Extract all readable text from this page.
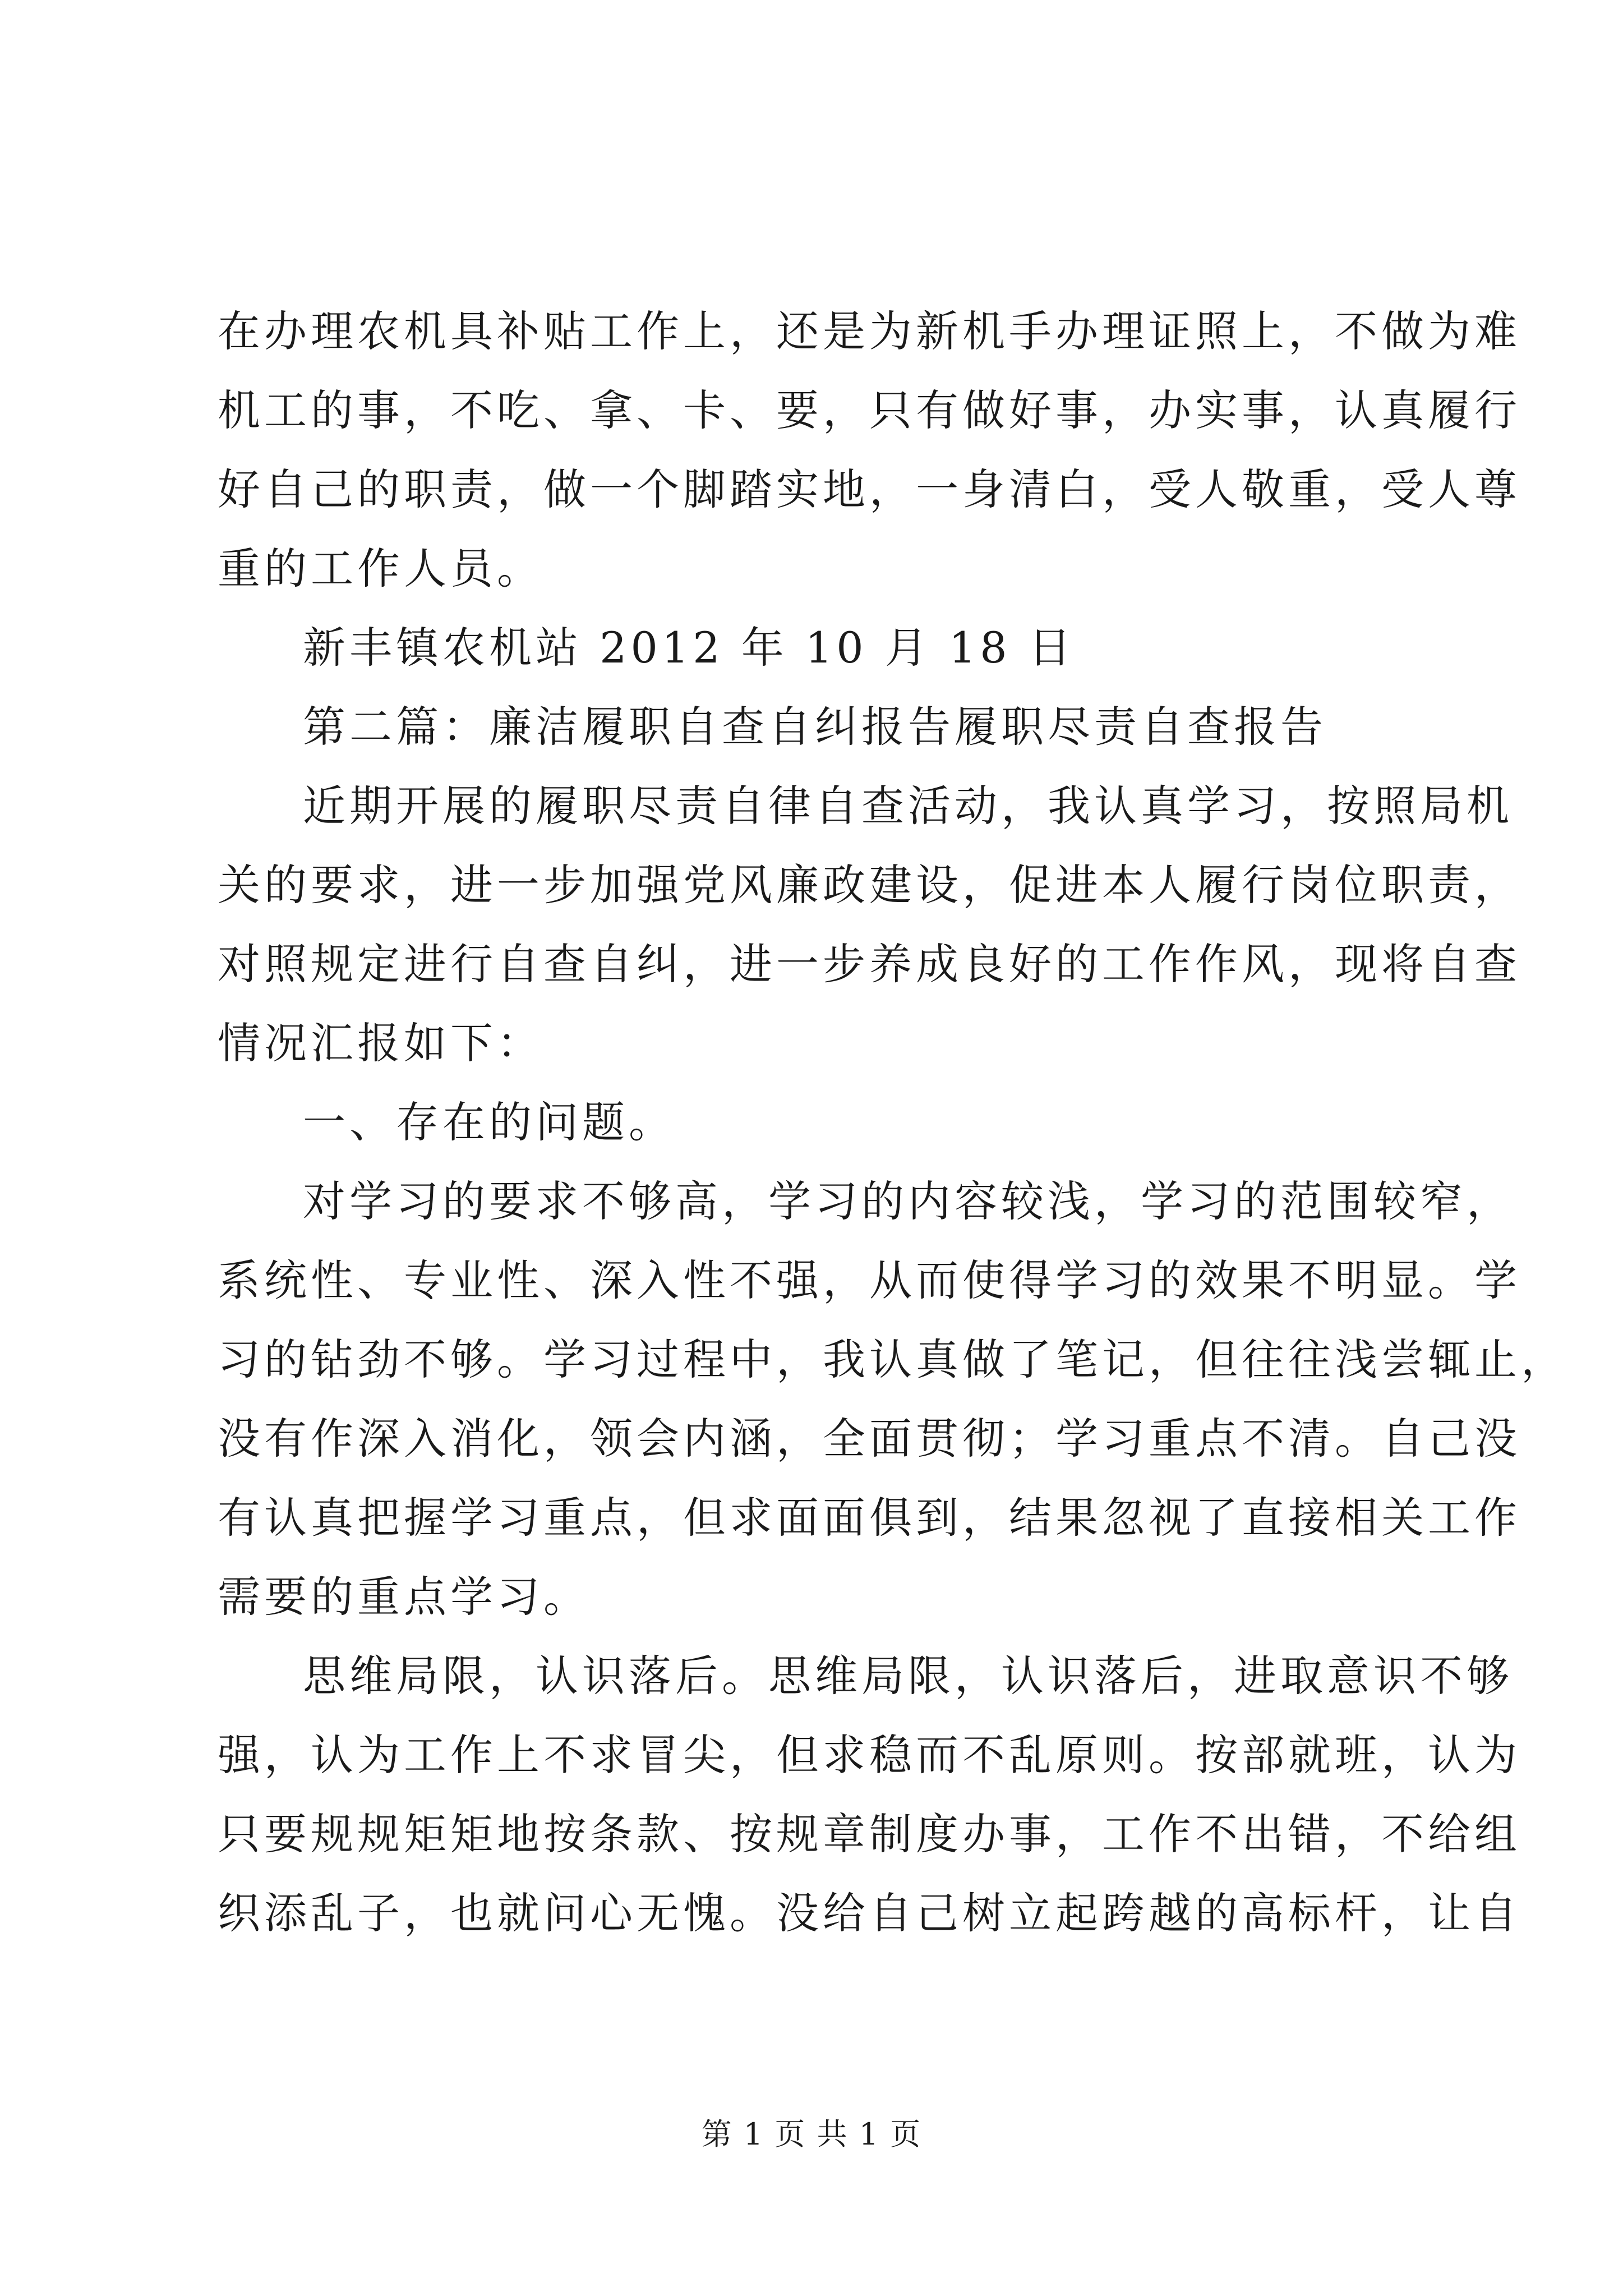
在办理农机具补贴工作上，还是为新机手办理证照上，不做为难
机工的事，不吃、拿、卡、要，只有做好事，办实事，认真履行
好自己的职责，做一个脚踏实地，一身清白，受人敬重，受人尊
重的工作人员。
新丰镇农机站 2012 年 10 月 18 日
第二篇：廉洁履职自查自纠报告履职尽责自查报告
近期开展的履职尽责自律自查活动，我认真学习，按照局机
关的要求，进一步加强党风廉政建设，促进本人履行岗位职责，
对照规定进行自查自纠，进一步养成良好的工作作风，现将自查
情况汇报如下：
一、存在的问题。
对学习的要求不够高，学习的内容较浅，学习的范围较窄，
系统性、专业性、深入性不强，从而使得学习的效果不明显。学
习的钻劲不够。学习过程中，我认真做了笔记，但往往浅尝辄止，
没有作深入消化，领会内涵，全面贯彻；学习重点不清。自己没
有认真把握学习重点，但求面面俱到，结果忽视了直接相关工作
需要的重点学习。
思维局限，认识落后。思维局限，认识落后，进取意识不够
强，认为工作上不求冒尖，但求稳而不乱原则。按部就班，认为
只要规规矩矩地按条款、按规章制度办事，工作不出错，不给组
织添乱子，也就问心无愧。没给自己树立起跨越的高标杆，让自
第 1 页 共 1 页
